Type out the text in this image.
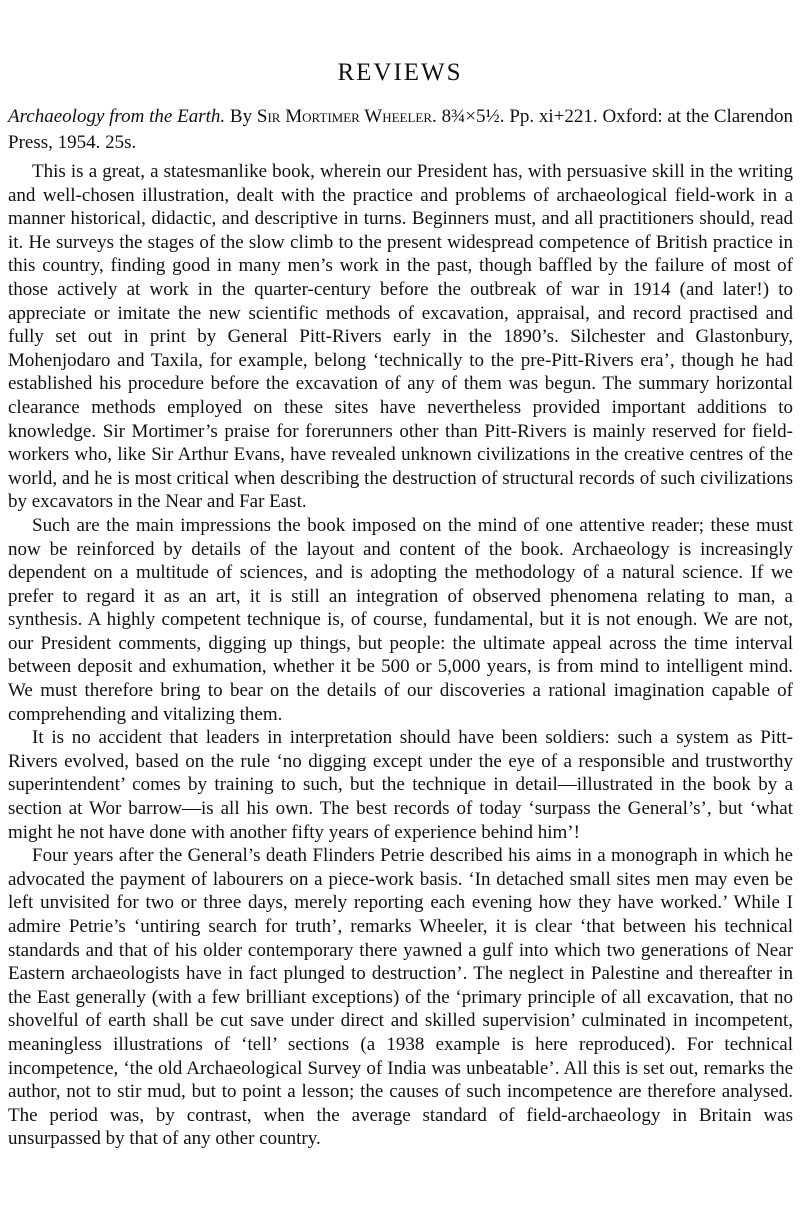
REVIEWS
Archaeology from the Earth. By Sir Mortimer Wheeler. 8¾×5½. Pp. xi+221. Oxford: at the Clarendon Press, 1954. 25s.

This is a great, a statesmanlike book, wherein our President has, with persuasive skill in the writing and well-chosen illustration, dealt with the practice and problems of archaeological field-work in a manner historical, didactic, and descriptive in turns. Beginners must, and all practitioners should, read it. He surveys the stages of the slow climb to the present widespread competence of British practice in this country, finding good in many men’s work in the past, though baffled by the failure of most of those actively at work in the quarter-century before the outbreak of war in 1914 (and later!) to appreciate or imitate the new scientific methods of excavation, appraisal, and record practised and fully set out in print by General Pitt-Rivers early in the 1890’s. Silchester and Glastonbury, Mohenjodaro and Taxila, for example, belong ‘technically to the pre-Pitt-Rivers era’, though he had established his procedure before the excavation of any of them was begun. The summary horizontal clearance methods employed on these sites have nevertheless provided important additions to knowledge. Sir Mortimer’s praise for forerunners other than Pitt-Rivers is mainly reserved for field-workers who, like Sir Arthur Evans, have revealed unknown civilizations in the creative centres of the world, and he is most critical when describing the destruction of structural records of such civilizations by excavators in the Near and Far East.

Such are the main impressions the book imposed on the mind of one attentive reader; these must now be reinforced by details of the layout and content of the book. Archaeology is increasingly dependent on a multitude of sciences, and is adopting the methodology of a natural science. If we prefer to regard it as an art, it is still an integration of observed phenomena relating to man, a synthesis. A highly competent technique is, of course, fundamental, but it is not enough. We are not, our President comments, digging up things, but people: the ultimate appeal across the time interval between deposit and exhumation, whether it be 500 or 5,000 years, is from mind to intelligent mind. We must therefore bring to bear on the details of our discoveries a rational imagination capable of comprehending and vitalizing them.

It is no accident that leaders in interpretation should have been soldiers: such a system as Pitt-Rivers evolved, based on the rule ‘no digging except under the eye of a responsible and trustworthy superintendent’ comes by training to such, but the technique in detail—illustrated in the book by a section at Wor barrow—is all his own. The best records of today ‘surpass the General’s’, but ‘what might he not have done with another fifty years of experience behind him’!

Four years after the General’s death Flinders Petrie described his aims in a monograph in which he advocated the payment of labourers on a piece-work basis. ‘In detached small sites men may even be left unvisited for two or three days, merely reporting each evening how they have worked.’ While I admire Petrie’s ‘untiring search for truth’, remarks Wheeler, it is clear ‘that between his technical standards and that of his older contemporary there yawned a gulf into which two generations of Near Eastern archaeologists have in fact plunged to destruction’. The neglect in Palestine and thereafter in the East generally (with a few brilliant exceptions) of the ‘primary principle of all excavation, that no shovelful of earth shall be cut save under direct and skilled supervision’ culminated in incompetent, meaningless illustrations of ‘tell’ sections (a 1938 example is here reproduced). For technical incompetence, ‘the old Archaeological Survey of India was unbeatable’. All this is set out, remarks the author, not to stir mud, but to point a lesson; the causes of such incompetence are therefore analysed. The period was, by contrast, when the average standard of field-archaeology in Britain was unsurpassed by that of any other country.
